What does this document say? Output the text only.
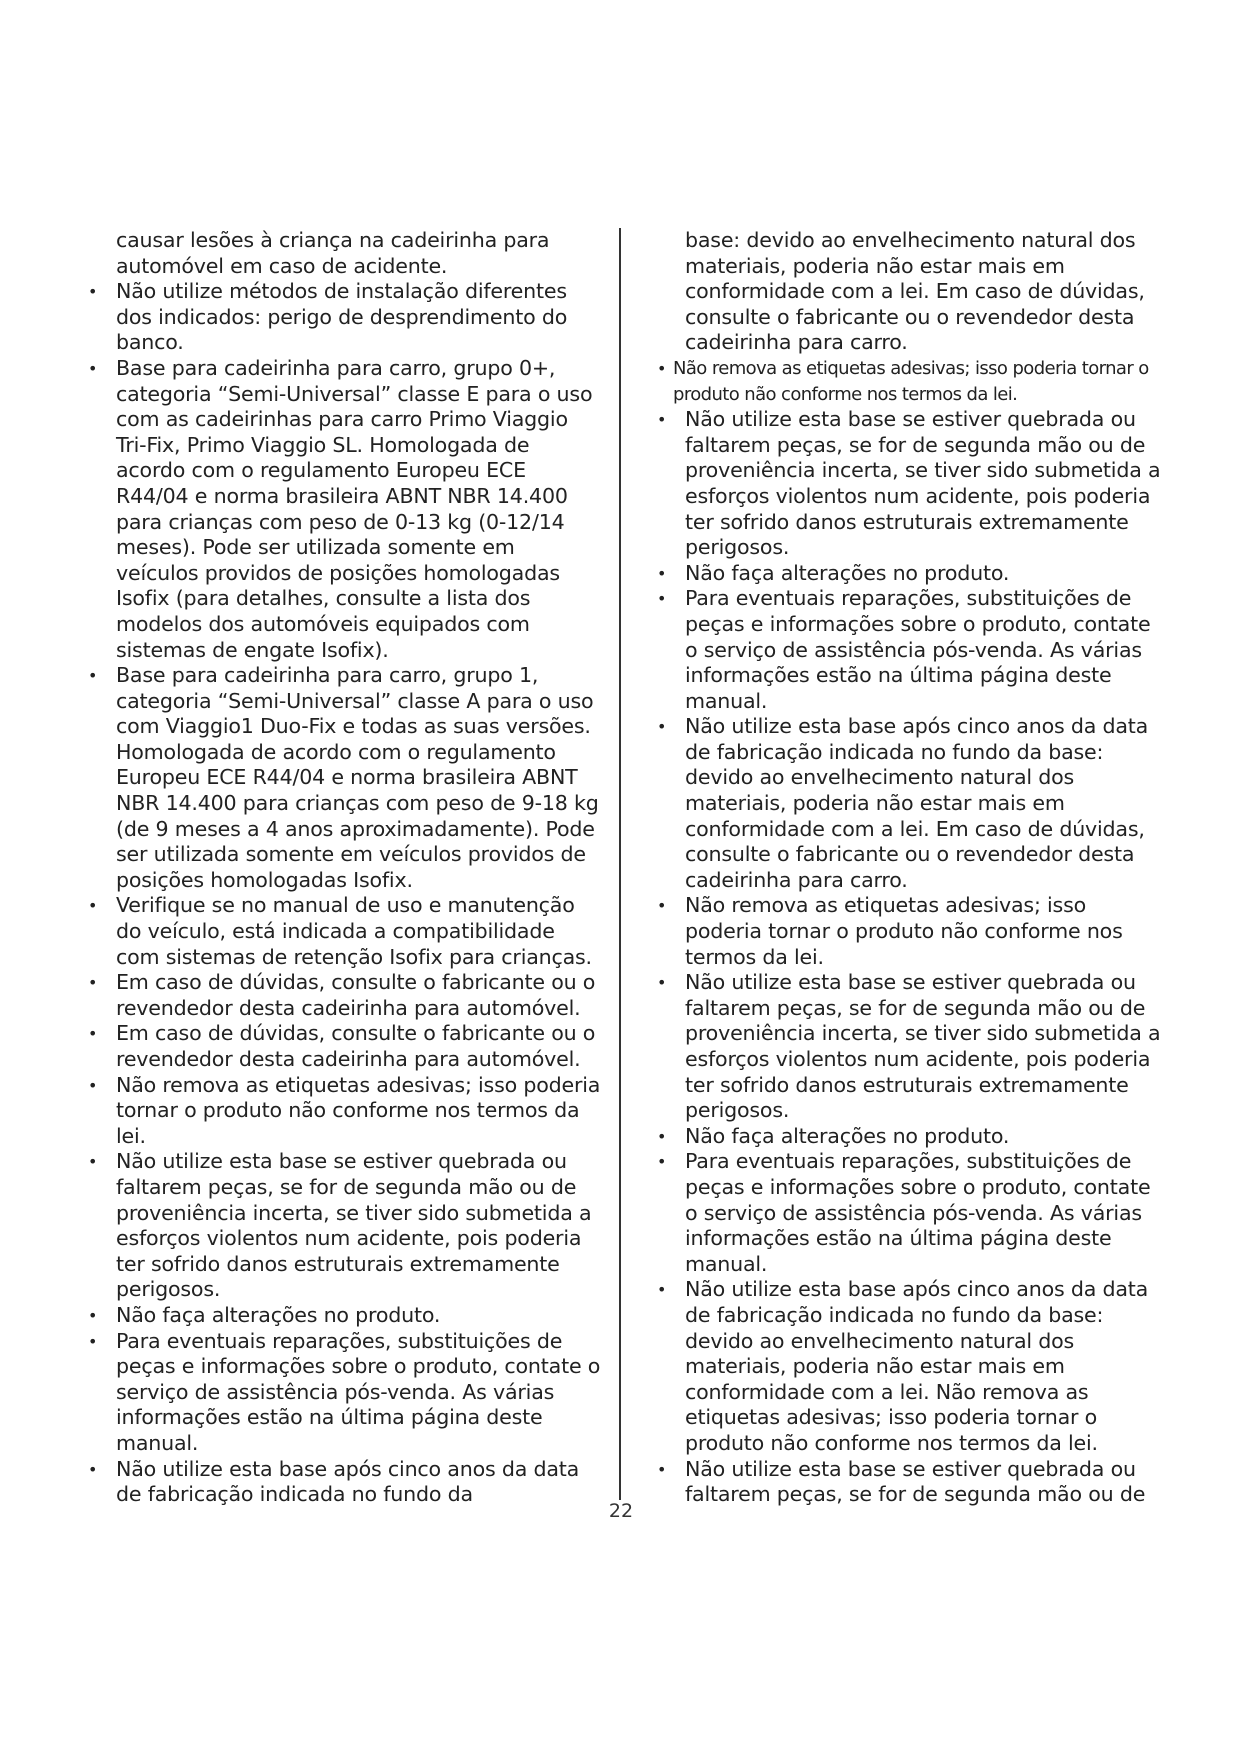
causar lesões à criança na cadeirinha para automóvel em caso de acidente.

• Não utilize métodos de instalação diferentes dos indicados: perigo de desprendimento do banco.
• Base para cadeirinha para carro, grupo 0+, categoria “Semi-Universal” classe E para o uso com as cadeirinhas para carro Primo Viaggio Tri-Fix, Primo Viaggio SL. Homologada de acordo com o regulamento Europeu ECE R44/04 e norma brasileira ABNT NBR 14.400 para crianças com peso de 0-13 kg (0-12/14 meses). Pode ser utilizada somente em veículos providos de posições homologadas Isofix (para detalhes, consulte a lista dos modelos dos automóveis equipados com sistemas de engate Isofix).
• Base para cadeirinha para carro, grupo 1, categoria “Semi-Universal” classe A para o uso com Viaggio1 Duo-Fix e todas as suas versões. Homologada de acordo com o regulamento Europeu ECE R44/04 e norma brasileira ABNT NBR 14.400 para crianças com peso de 9-18 kg (de 9 meses a 4 anos aproximadamente). Pode ser utilizada somente em veículos providos de posições homologadas Isofix.
• Verifique se no manual de uso e manutenção do veículo, está indicada a compatibilidade com sistemas de retenção Isofix para crianças.
• Em caso de dúvidas, consulte o fabricante ou o revendedor desta cadeirinha para automóvel.
• Em caso de dúvidas, consulte o fabricante ou o revendedor desta cadeirinha para automóvel.
• Não remova as etiquetas adesivas; isso poderia tornar o produto não conforme nos termos da lei.
• Não utilize esta base se estiver quebrada ou faltarem peças, se for de segunda mão ou de proveniência incerta, se tiver sido submetida a esforços violentos num acidente, pois poderia ter sofrido danos estruturais extremamente perigosos.
• Não faça alterações no produto.
• Para eventuais reparações, substituições de peças e informações sobre o produto, contate o serviço de assistência pós-venda. As várias informações estão na última página deste manual.
• Não utilize esta base após cinco anos da data de fabricação indicada no fundo da

base: devido ao envelhecimento natural dos materiais, poderia não estar mais em conformidade com a lei. Em caso de dúvidas, consulte o fabricante ou o revendedor desta cadeirinha para carro.

• Não remova as etiquetas adesivas; isso poderia tornar o produto não conforme nos termos da lei.
• Não utilize esta base se estiver quebrada ou faltarem peças, se for de segunda mão ou de proveniência incerta, se tiver sido submetida a esforços violentos num acidente, pois poderia ter sofrido danos estruturais extremamente perigosos.
• Não faça alterações no produto.
• Para eventuais reparações, substituições de peças e informações sobre o produto, contate o serviço de assistência pós-venda. As várias informações estão na última página deste manual.
• Não utilize esta base após cinco anos da data de fabricação indicada no fundo da base: devido ao envelhecimento natural dos materiais, poderia não estar mais em conformidade com a lei. Em caso de dúvidas, consulte o fabricante ou o revendedor desta cadeirinha para carro.
• Não remova as etiquetas adesivas; isso poderia tornar o produto não conforme nos termos da lei.
• Não utilize esta base se estiver quebrada ou faltarem peças, se for de segunda mão ou de proveniência incerta, se tiver sido submetida a esforços violentos num acidente, pois poderia ter sofrido danos estruturais extremamente perigosos.
• Não faça alterações no produto.
• Para eventuais reparações, substituições de peças e informações sobre o produto, contate o serviço de assistência pós-venda. As várias informações estão na última página deste manual.
• Não utilize esta base após cinco anos da data de fabricação indicada no fundo da base: devido ao envelhecimento natural dos materiais, poderia não estar mais em conformidade com a lei. Não remova as etiquetas adesivas; isso poderia tornar o produto não conforme nos termos da lei.
• Não utilize esta base se estiver quebrada ou faltarem peças, se for de segunda mão ou de
22
